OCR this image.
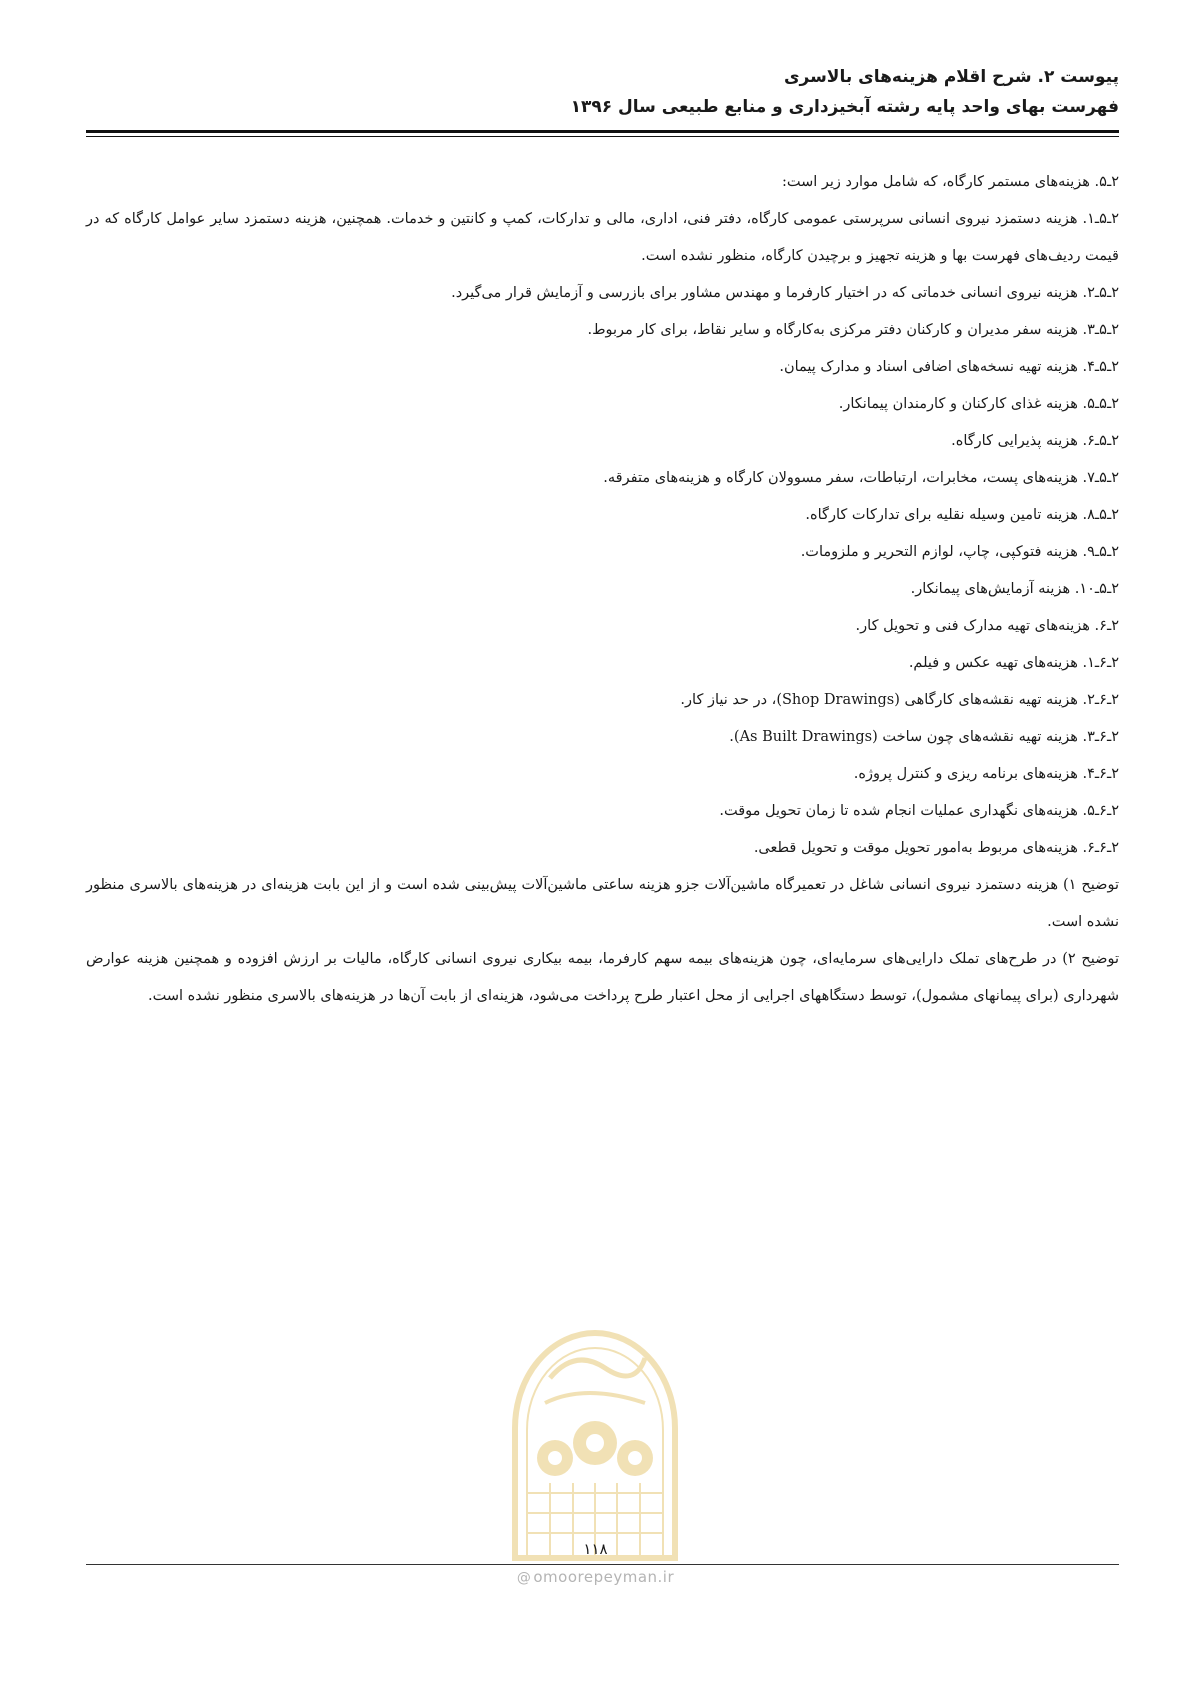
پیوست ۲. شرح اقلام هزینه‌های بالاسری
فهرست بهای واحد پایه رشته آبخیزداری و منابع طبیعی سال ۱۳۹۶

۲ـ۵. هزینه‌های مستمر کارگاه، که شامل موارد زیر است:

۲ـ۵ـ۱. هزینه دستمزد نیروی انسانی سرپرستی عمومی کارگاه، دفتر فنی، اداری، مالی و تدارکات، کمپ و کانتین و خدمات. همچنین، هزینه دستمزد سایر عوامل کارگاه که در قیمت ردیف‌های فهرست بها و هزینه تجهیز و برچیدن کارگاه، منظور نشده است.

۲ـ۵ـ۲. هزینه نیروی انسانی خدماتی که در اختیار کارفرما و مهندس مشاور برای بازرسی و آزمایش قرار می‌گیرد.

۲ـ۵ـ۳. هزینه سفر مدیران و کارکنان دفتر مرکزی به‌کارگاه و سایر نقاط، برای کار مربوط.

۲ـ۵ـ۴. هزینه تهیه نسخه‌های اضافی اسناد و مدارک پیمان.

۲ـ۵ـ۵. هزینه غذای کارکنان و کارمندان پیمانکار.

۲ـ۵ـ۶. هزینه پذیرایی کارگاه.

۲ـ۵ـ۷. هزینه‌های پست، مخابرات، ارتباطات، سفر مسوولان کارگاه و هزینه‌های متفرقه.

۲ـ۵ـ۸. هزینه تامین وسیله نقلیه برای تدارکات کارگاه.

۲ـ۵ـ۹. هزینه فتوکپی، چاپ، لوازم التحریر و ملزومات.

۲ـ۵ـ۱۰. هزینه آزمایش‌های پیمانکار.

۲ـ۶. هزینه‌های تهیه مدارک فنی و تحویل کار.

۲ـ۶ـ۱. هزینه‌های تهیه عکس و فیلم.

۲ـ۶ـ۲. هزینه تهیه نقشه‌های کارگاهی (Shop Drawings)، در حد نیاز کار.

۲ـ۶ـ۳. هزینه تهیه نقشه‌های چون ساخت (As Built Drawings).

۲ـ۶ـ۴. هزینه‌های برنامه ریزی و کنترل پروژه.

۲ـ۶ـ۵. هزینه‌های نگهداری عملیات انجام شده تا زمان تحویل موقت.

۲ـ۶ـ۶. هزینه‌های مربوط به‌امور تحویل موقت و تحویل قطعی.

توضیح ۱) هزینه دستمزد نیروی انسانی شاغل در تعمیرگاه ماشین‌آلات جزو هزینه ساعتی ماشین‌آلات پیش‌بینی شده است و از این بابت هزینه‌ای در هزینه‌های بالاسری منظور نشده است.

توضیح ۲) در طرح‌های تملک دارایی‌های سرمایه‌ای، چون هزینه‌های بیمه سهم کارفرما، بیمه بیکاری نیروی انسانی کارگاه، مالیات بر ارزش افزوده و همچنین هزینه عوارض شهرداری (برای پیمانهای مشمول)، توسط دستگاههای اجرایی از محل اعتبار طرح پرداخت می‌شود، هزینه‌ای از بابت آن‌ها در هزینه‌های بالاسری منظور نشده است.

۱۱۸
@ omoorepeyman.ir
